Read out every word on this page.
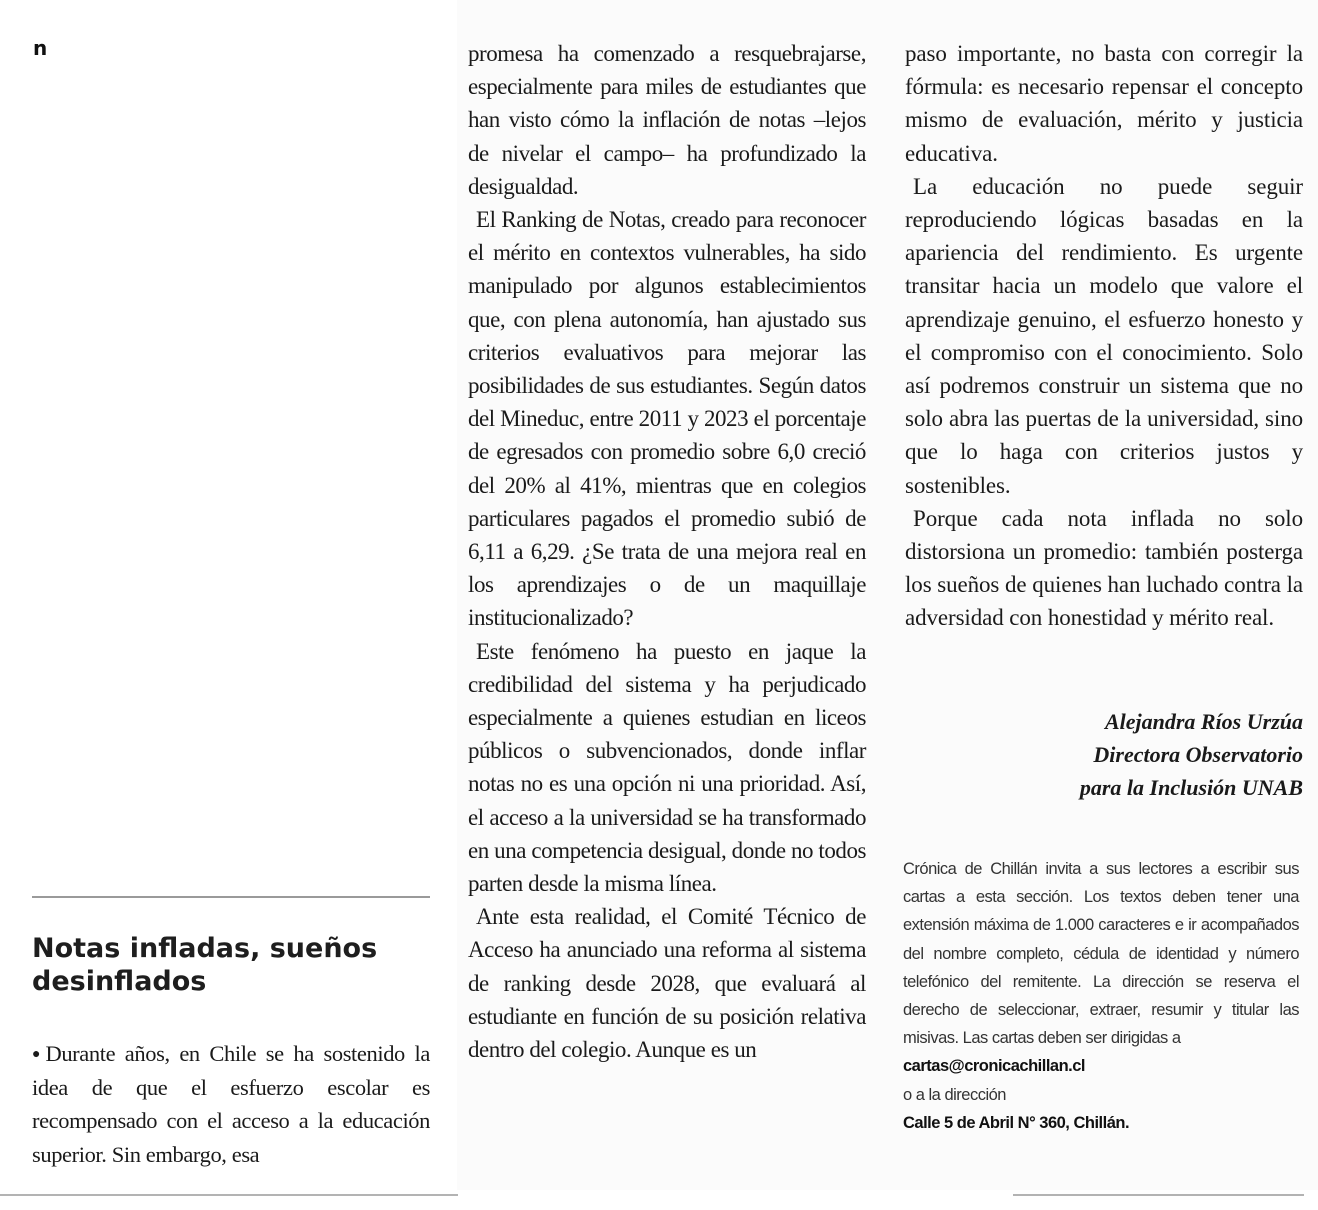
n
Notas infladas, sueños desinflados

●Durante años, en Chile se ha sostenido la idea de que el esfuerzo escolar es recompensado con el acceso a la educación superior. Sin embargo, esa

promesa ha comenzado a resquebrajarse, especialmente para miles de estudiantes que han visto cómo la inflación de notas –lejos de nivelar el campo– ha profundizado la desigualdad.

El Ranking de Notas, creado para reconocer el mérito en contextos vulnerables, ha sido manipulado por algunos establecimientos que, con plena autonomía, han ajustado sus criterios evaluativos para mejorar las posibilidades de sus estudiantes. Según datos del Mineduc, entre 2011 y 2023 el porcentaje de egresados con promedio sobre 6,0 creció del 20% al 41%, mientras que en colegios particulares pagados el promedio subió de 6,11 a 6,29. ¿Se trata de una mejora real en los aprendizajes o de un maquillaje institucionalizado?

Este fenómeno ha puesto en jaque la credibilidad del sistema y ha perjudicado especialmente a quienes estudian en liceos públicos o subvencionados, donde inflar notas no es una opción ni una prioridad. Así, el acceso a la universidad se ha transformado en una competencia desigual, donde no todos parten desde la misma línea.

Ante esta realidad, el Comité Técnico de Acceso ha anunciado una reforma al sistema de ranking desde 2028, que evaluará al estudiante en función de su posición relativa dentro del colegio. Aunque es un

paso importante, no basta con corregir la fórmula: es necesario repensar el concepto mismo de evaluación, mérito y justicia educativa.

La educación no puede seguir reproduciendo lógicas basadas en la apariencia del rendimiento. Es urgente transitar hacia un modelo que valore el aprendizaje genuino, el esfuerzo honesto y el compromiso con el conocimiento. Solo así podremos construir un sistema que no solo abra las puertas de la universidad, sino que lo haga con criterios justos y sostenibles.

Porque cada nota inflada no solo distorsiona un promedio: también posterga los sueños de quienes han luchado contra la adversidad con honestidad y mérito real.

Alejandra Ríos Urzúa
Directora Observatorio
para la Inclusión UNAB

Crónica de Chillán invita a sus lectores a escribir sus cartas a esta sección. Los textos deben tener una extensión máxima de 1.000 caracteres e ir acompañados del nombre completo, cédula de identidad y número telefónico del remitente. La dirección se reserva el derecho de seleccionar, extraer, resumir y titular las misivas. Las cartas deben ser dirigidas a

cartas@cronicachillan.cl

o a la dirección

Calle 5 de Abril N° 360, Chillán.
